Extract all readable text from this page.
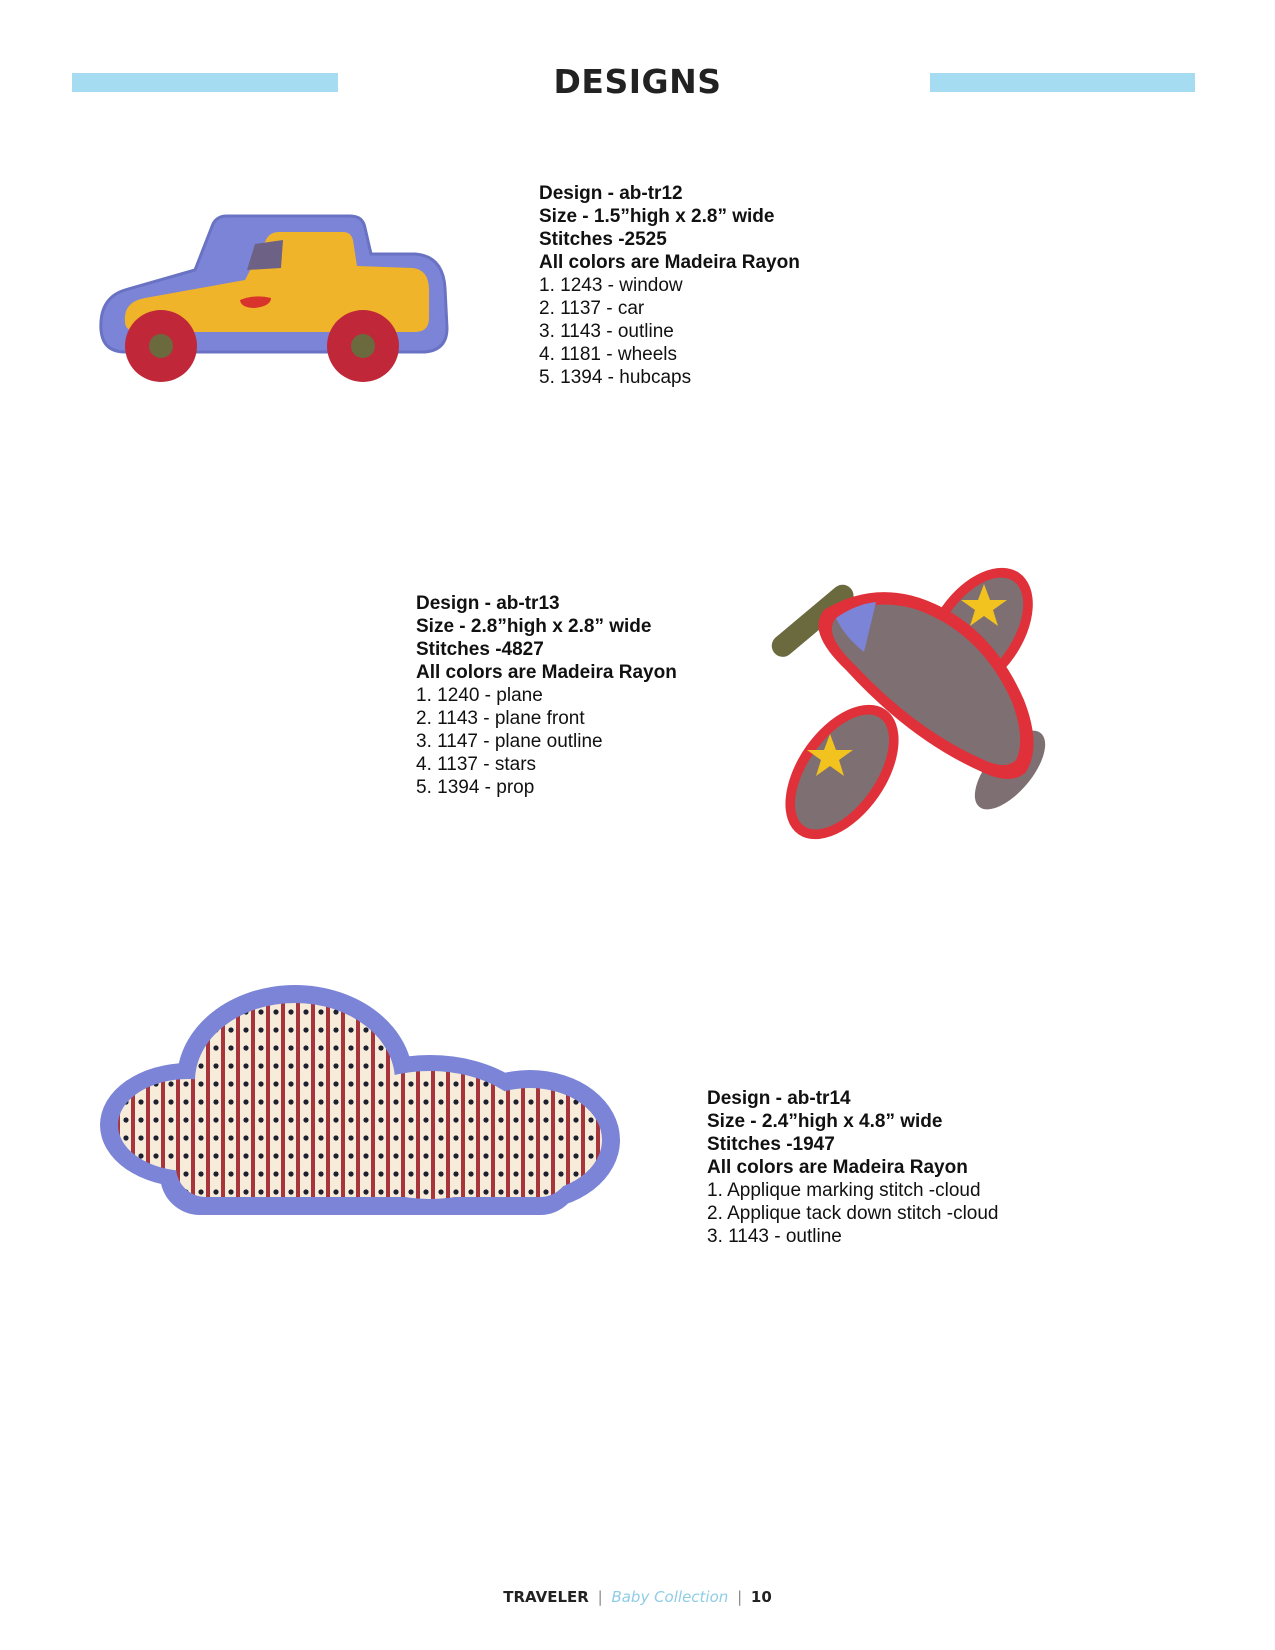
DESIGNS
Design - ab-tr12
Size - 1.5”high x 2.8” wide
Stitches -2525
All colors are Madeira Rayon
1. 1243 - window
2. 1137 - car
3. 1143 - outline
4. 1181 - wheels
5. 1394 - hubcaps
Design - ab-tr13
Size - 2.8”high x 2.8” wide
Stitches -4827
All colors are Madeira Rayon
1. 1240 - plane
2. 1143 - plane front
3. 1147 - plane outline
4. 1137 - stars
5. 1394 - prop
Design - ab-tr14
Size - 2.4”high x 4.8” wide
Stitches -1947
All colors are Madeira Rayon
1. Applique marking stitch -cloud
2. Applique tack down stitch -cloud
3. 1143 - outline
TRAVELER | Baby Collection | 10
